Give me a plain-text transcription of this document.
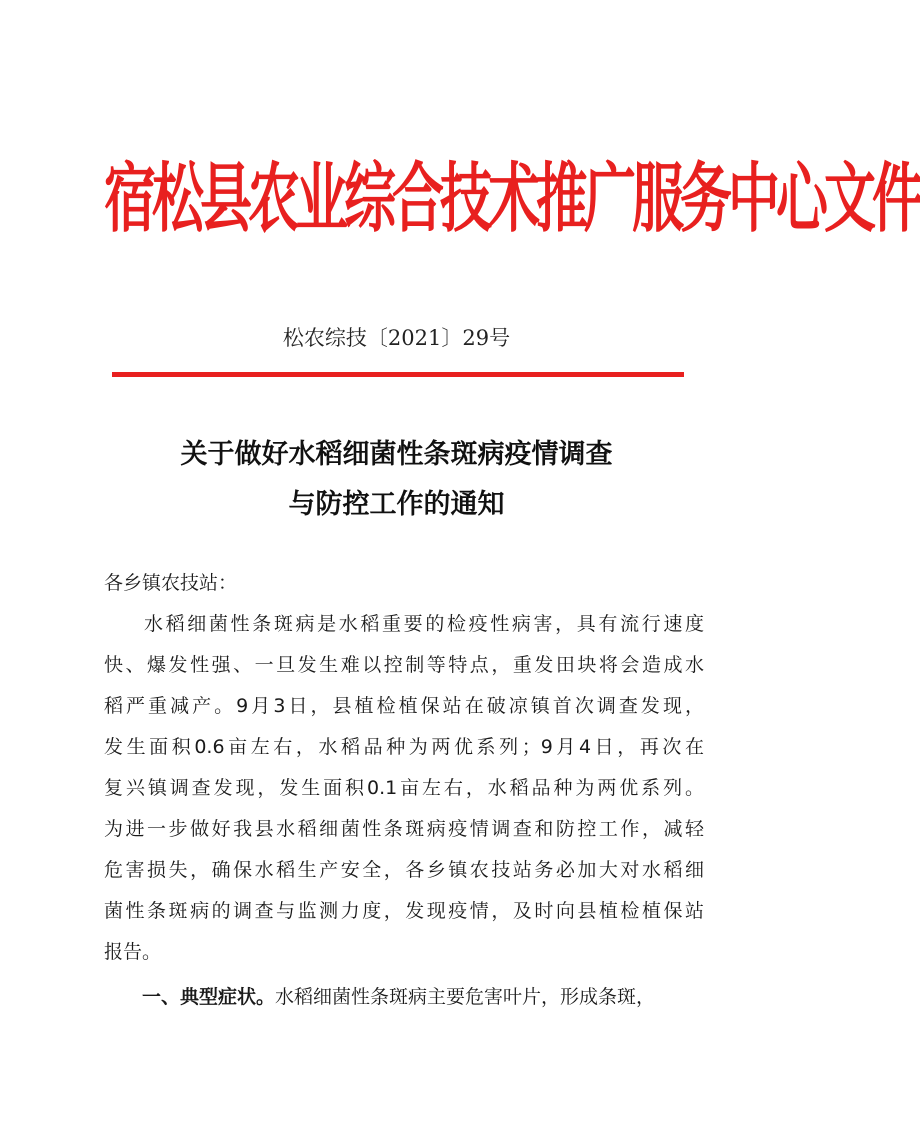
宿松县农业综合技术推广服务中心文件
松农综技〔2021〕29号
关于做好水稻细菌性条斑病疫情调查
与防控工作的通知
各乡镇农技站：
水稻细菌性条斑病是水稻重要的检疫性病害，具有流行速度
快、爆发性强、一旦发生难以控制等特点，重发田块将会造成水
稻严重减产。9月3日，县植检植保站在破凉镇首次调查发现，
发生面积0.6亩左右，水稻品种为两优系列；9月4日，再次在
复兴镇调查发现，发生面积0.1亩左右，水稻品种为两优系列。
为进一步做好我县水稻细菌性条斑病疫情调查和防控工作，减轻
危害损失，确保水稻生产安全，各乡镇农技站务必加大对水稻细
菌性条斑病的调查与监测力度，发现疫情，及时向县植检植保站
报告。
一、典型症状。水稻细菌性条斑病主要危害叶片，形成条斑，
